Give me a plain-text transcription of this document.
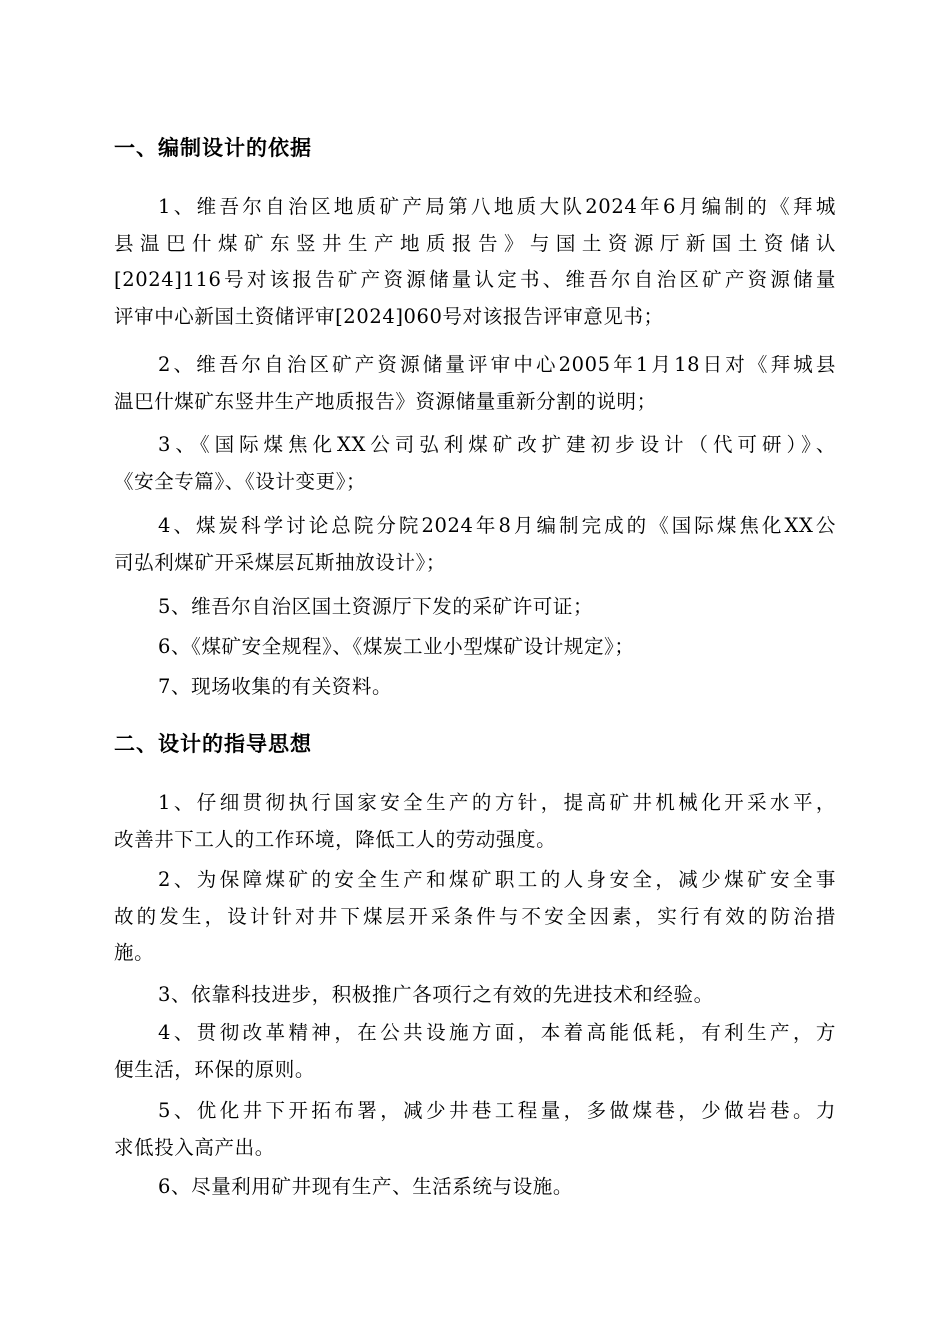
一、编制设计的依据
1、维吾尔自治区地质矿产局第八地质大队2024年6月编制的《拜城
县温巴什煤矿东竖井生产地质报告》与国土资源厅新国土资储认
[2024]116号对该报告矿产资源储量认定书、维吾尔自治区矿产资源储量
评审中心新国土资储评审[2024]060号对该报告评审意见书；
2、维吾尔自治区矿产资源储量评审中心2005年1月18日对《拜城县
温巴什煤矿东竖井生产地质报告》资源储量重新分割的说明；
3、《国际煤焦化XX公司弘利煤矿改扩建初步设计（代可研）》、
《安全专篇》、《设计变更》；
4、煤炭科学讨论总院分院2024年8月编制完成的《国际煤焦化XX公
司弘利煤矿开采煤层瓦斯抽放设计》；
5、维吾尔自治区国土资源厅下发的采矿许可证；
6、《煤矿安全规程》、《煤炭工业小型煤矿设计规定》；
7、现场收集的有关资料。
二、设计的指导思想
1、仔细贯彻执行国家安全生产的方针，提高矿井机械化开采水平，
改善井下工人的工作环境，降低工人的劳动强度。
2、为保障煤矿的安全生产和煤矿职工的人身安全，减少煤矿安全事
故的发生，设计针对井下煤层开采条件与不安全因素，实行有效的防治措
施。
3、依靠科技进步，积极推广各项行之有效的先进技术和经验。
4、贯彻改革精神，在公共设施方面，本着高能低耗，有利生产，方
便生活，环保的原则。
5、优化井下开拓布署，减少井巷工程量，多做煤巷，少做岩巷。力
求低投入高产出。
6、尽量利用矿井现有生产、生活系统与设施。
